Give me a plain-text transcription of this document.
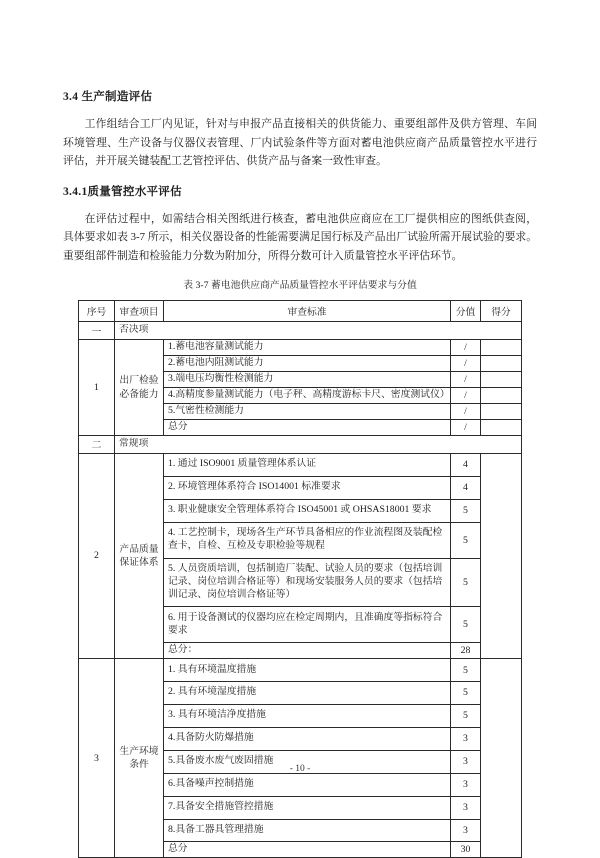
3.4 生产制造评估

工作组结合工厂内见证，针对与申报产品直接相关的供货能力、重要组部件及供方管理、车间环境管理、生产设备与仪器仪表管理、厂内试验条件等方面对蓄电池供应商产品质量管控水平进行评估，并开展关键装配工艺管控评估、供货产品与备案一致性审查。

3.4.1质量管控水平评估

在评估过程中，如需结合相关图纸进行核查，蓄电池供应商应在工厂提供相应的图纸供查阅，具体要求如表 3-7 所示，相关仪器设备的性能需要满足国行标及产品出厂试验所需开展试验的要求。重要组部件制造和检验能力分数为附加分，所得分数可计入质量管控水平评估环节。

表 3-7 蓄电池供应商产品质量管控水平评估要求与分值
序号	审查项目	审查标准	分值	得分
一	否决项			
1	出厂检验必备能力	1.蓄电池容量测试能力	/	
		2.蓄电池内阻测试能力	/	
		3.端电压均衡性检测能力	/	
		4.高精度参量测试能力（电子秤、高精度游标卡尺、密度测试仪）	/	
		5.气密性检测能力	/	
		总分	/	
二	常规项			
2	产品质量保证体系	1. 通过 ISO9001 质量管理体系认证	4	
		2. 环境管理体系符合 ISO14001 标准要求	4	
		3. 职业健康安全管理体系符合 ISO45001 或 OHSAS18001 要求	5	
		4. 工艺控制卡，现场各生产环节具备相应的作业流程图及装配检查卡，自检、互检及专职检验等规程	5	
		5. 人员资质培训，包括制造厂装配、试验人员的要求（包括培训记录、岗位培训合格证等）和现场安装服务人员的要求（包括培训记录、岗位培训合格证等）	5	
		6. 用于设备测试的仪器均应在检定周期内，且准确度等指标符合要求	5	
		总分：	28	
3	生产环境条件	1. 具有环境温度措施	5	
		2. 具有环境湿度措施	5	
		3. 具有环境洁净度措施	5	
		4.具备防火防爆措施	3	
		5.具备废水废气废固措施	3	
		6.具备噪声控制措施	3	
		7.具备安全措施管控措施	3	
		8.具备工器具管理措施	3	
		总分	30	
- 10 -
